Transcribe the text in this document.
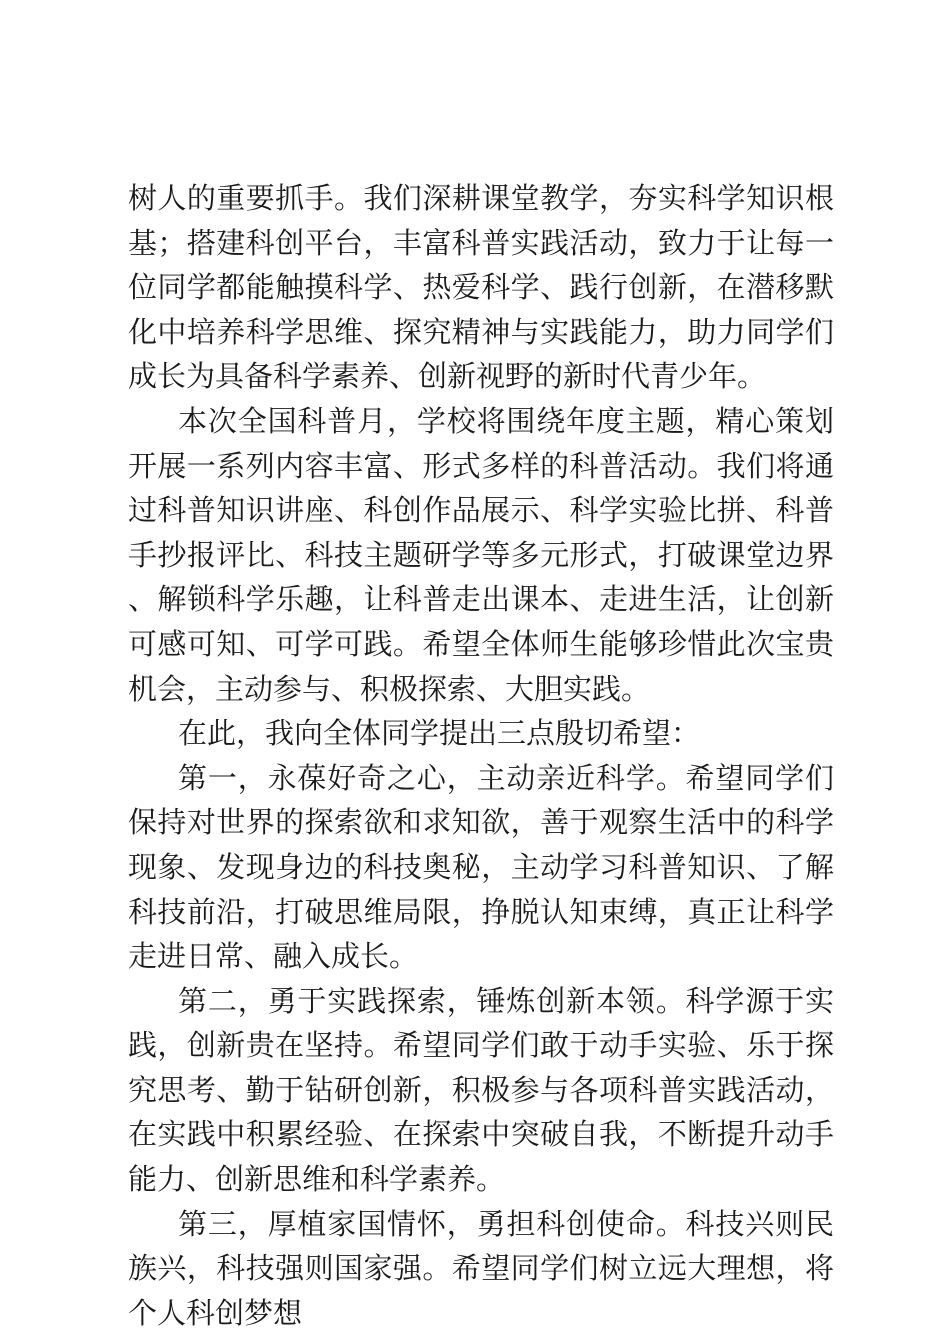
树人的重要抓手。我们深耕课堂教学，夯实科学知识根基；搭建科创平台，丰富科普实践活动，致力于让每一位同学都能触摸科学、热爱科学、践行创新，在潜移默化中培养科学思维、探究精神与实践能力，助力同学们成长为具备科学素养、创新视野的新时代青少年。

本次全国科普月，学校将围绕年度主题，精心策划开展一系列内容丰富、形式多样的科普活动。我们将通过科普知识讲座、科创作品展示、科学实验比拼、科普手抄报评比、科技主题研学等多元形式，打破课堂边界、解锁科学乐趣，让科普走出课本、走进生活，让创新可感可知、可学可践。希望全体师生能够珍惜此次宝贵机会，主动参与、积极探索、大胆实践。

在此，我向全体同学提出三点殷切希望：

第一，永葆好奇之心，主动亲近科学。希望同学们保持对世界的探索欲和求知欲，善于观察生活中的科学现象、发现身边的科技奥秘，主动学习科普知识、了解科技前沿，打破思维局限，挣脱认知束缚，真正让科学走进日常、融入成长。

第二，勇于实践探索，锤炼创新本领。科学源于实践，创新贵在坚持。希望同学们敢于动手实验、乐于探究思考、勤于钻研创新，积极参与各项科普实践活动，在实践中积累经验、在探索中突破自我，不断提升动手能力、创新思维和科学素养。

第三，厚植家国情怀，勇担科创使命。科技兴则民族兴，科技强则国家强。希望同学们树立远大理想，将个人科创梦想
